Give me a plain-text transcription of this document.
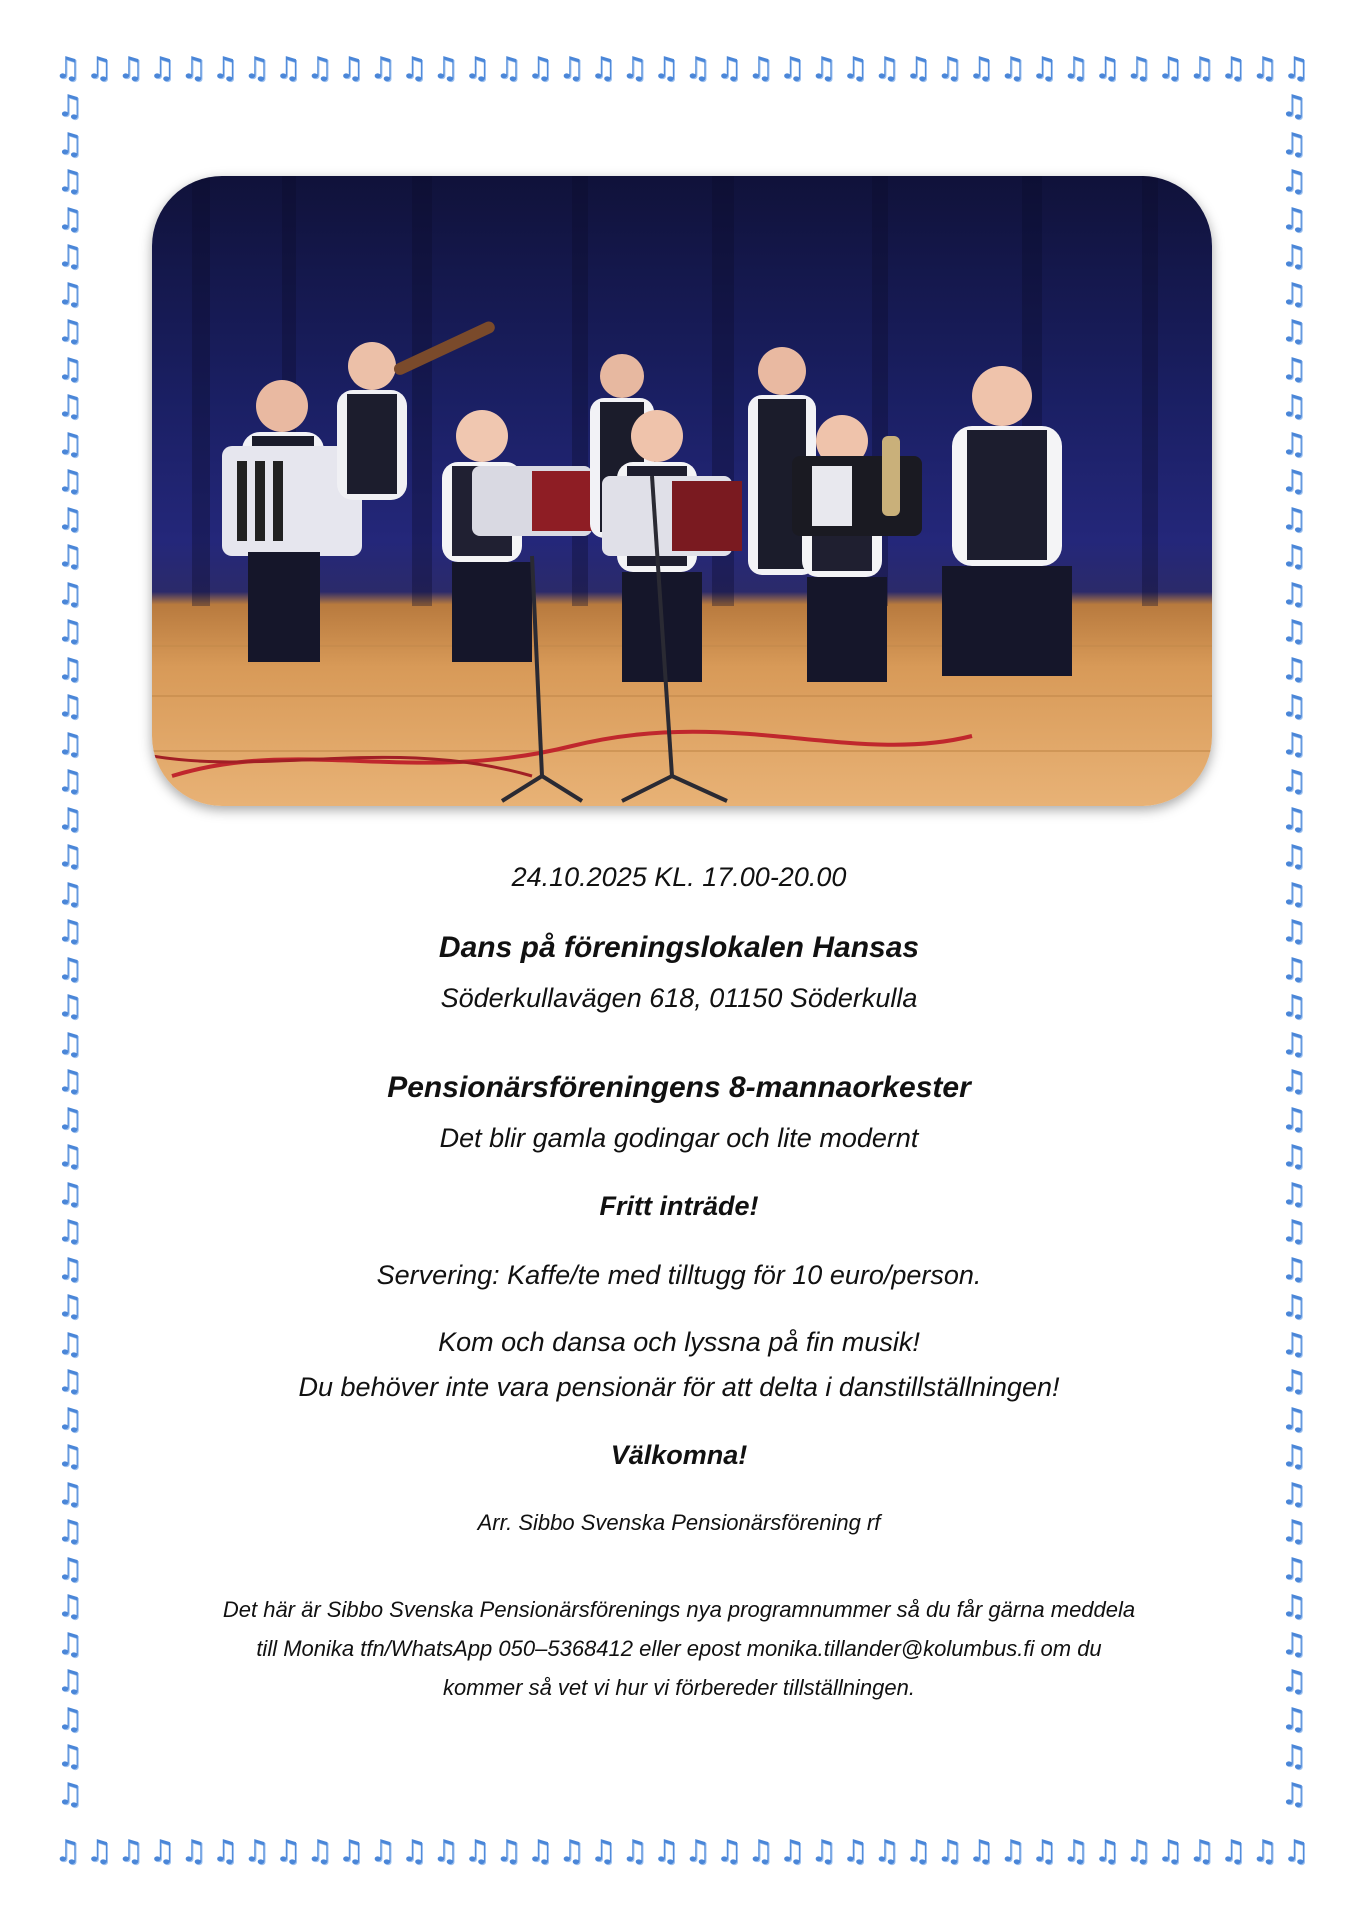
♫ ♫ ♫ ♫ ♫ ♫ ♫ ♫ ♫ ♫ ♫ ♫ ♫ ♫ ♫ ♫ ♫ ♫ ♫ ♫ ♫ ♫ ♫ ♫ ♫ ♫ ♫ ♫ ♫ ♫ ♫ ♫ ♫ ♫ ♫ ♫ ♫ ♫ ♫ ♫
♫ ♫ ♫ ♫ ♫ ♫ ♫ ♫ ♫ ♫ ♫ ♫ ♫ ♫ ♫ ♫ ♫ ♫ ♫ ♫ ♫ ♫ ♫ ♫ ♫ ♫ ♫ ♫ ♫ ♫ ♫ ♫ ♫ ♫ ♫ ♫ ♫ ♫ ♫ ♫
♫
♫
♫
♫
♫
♫
♫
♫
♫
♫
♫
♫
♫
♫
♫
♫
♫
♫
♫
♫
♫
♫
♫
♫
♫
♫
♫
♫
♫
♫
♫
♫
♫
♫
♫
♫
♫
♫
♫
♫
♫
♫
♫
♫
♫
♫
♫
♫
♫
♫
♫
♫
♫
♫
♫
♫
♫
♫
♫
♫
♫
♫
♫
♫
♫
♫
♫
♫
♫
♫
♫
♫
♫
♫
♫
♫
♫
♫
♫
♫
♫
♫
♫
♫
♫
♫
♫
♫
♫
♫
♫
♫
24.10.2025 KL. 17.00-20.00
Dans på föreningslokalen Hansas
Söderkullavägen 618, 01150 Söderkulla
Pensionärsföreningens 8-mannaorkester
Det blir gamla godingar och lite modernt
Fritt inträde!
Servering: Kaffe/te med tilltugg för 10 euro/person.
Kom och dansa och lyssna på fin musik!
Du behöver inte vara pensionär för att delta i danstillställningen!
Välkomna!
Arr. Sibbo Svenska Pensionärsförening rf
Det här är Sibbo Svenska Pensionärsförenings nya programnummer så du får gärna meddela
till Monika tfn/WhatsApp 050–5368412 eller epost monika.tillander@kolumbus.fi om du
kommer så vet vi hur vi förbereder tillställningen.
